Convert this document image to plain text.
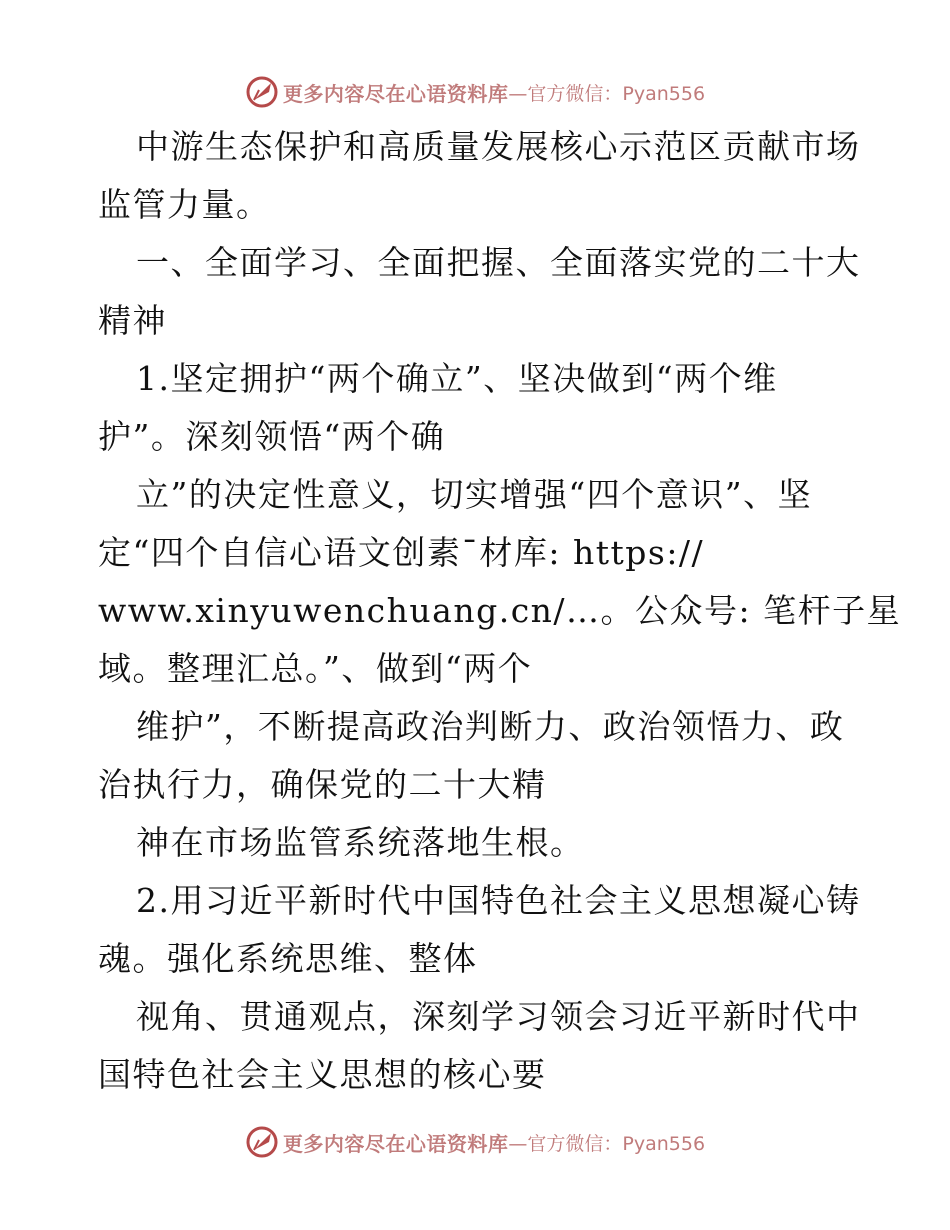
更多内容尽在心语资料库 —官方微信：Pyan556
中游生态保护和高质量发展核心示范区贡献市场
监管力量。
一、全面学习、全面把握、全面落实党的二十大
精神
1.坚定拥护“两个确立”、坚决做到“两个维
护”。深刻领悟“两个确
立”的决定性意义，切实增强“四个意识”、坚
定“四个自信心语文创素¯材库: https://
www.xinyuwenchuang.cn/…。公众号: 笔杆子星
域。整理汇总。”、做到“两个
维护”，不断提高政治判断力、政治领悟力、政
治执行力，确保党的二十大精
神在市场监管系统落地生根。
2.用习近平新时代中国特色社会主义思想凝心铸
魂。强化系统思维、整体
视角、贯通观点，深刻学习领会习近平新时代中
国特色社会主义思想的核心要
更多内容尽在心语资料库 —官方微信：Pyan556
